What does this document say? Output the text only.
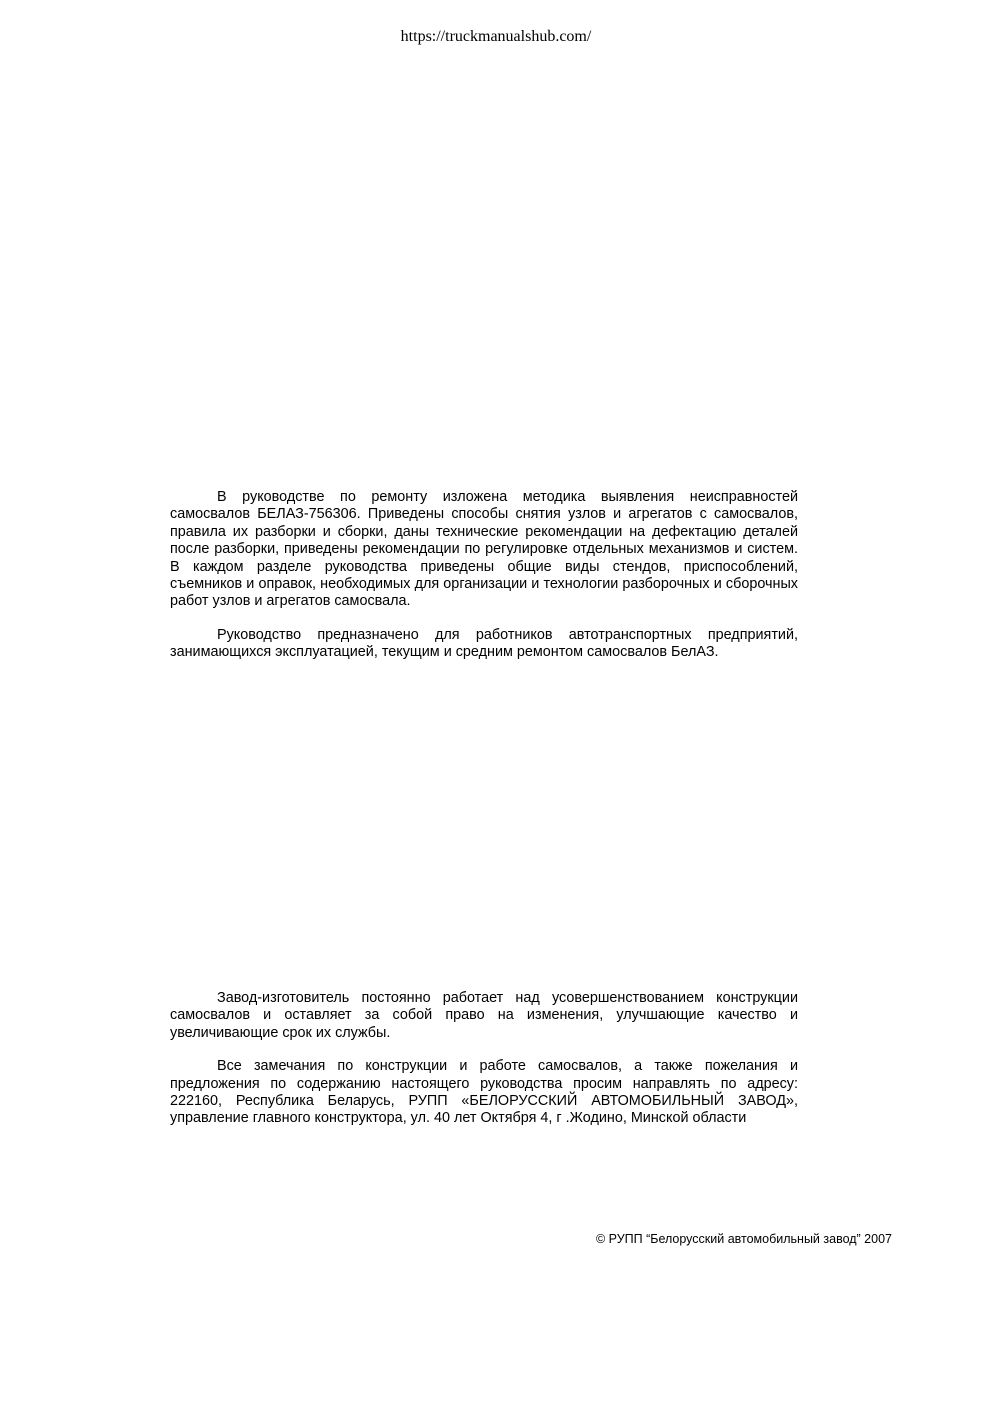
https://truckmanualshub.com/

В руководстве по ремонту изложена методика выявления неисправностей самосвалов БЕЛАЗ-756306. Приведены способы снятия узлов и агрегатов с самосвалов, правила их разборки и сборки, даны технические рекомендации на дефектацию деталей после разборки, приведены рекомендации по регулировке отдельных механизмов и систем. В каждом разделе руководства приведены общие виды стендов, приспособлений, съемников и оправок, необходимых для организации и технологии разборочных и сборочных работ узлов и агрегатов самосвала.

Руководство предназначено для работников автотранспортных предприятий, занимающихся эксплуатацией, текущим и средним ремонтом самосвалов БелАЗ.

Завод-изготовитель постоянно работает над усовершенствованием конструкции самосвалов и оставляет за собой право на изменения, улучшающие качество и увеличивающие срок их службы.

Все замечания по конструкции и работе самосвалов, а также пожелания и предложения по содержанию настоящего руководства просим направлять по адресу: 222160, Республика Беларусь, РУПП «БЕЛОРУССКИЙ АВТОМОБИЛЬНЫЙ ЗАВОД», управление главного конструктора, ул. 40 лет Октября 4, г .Жодино, Минской области

© РУПП “Белорусский автомобильный завод” 2007
